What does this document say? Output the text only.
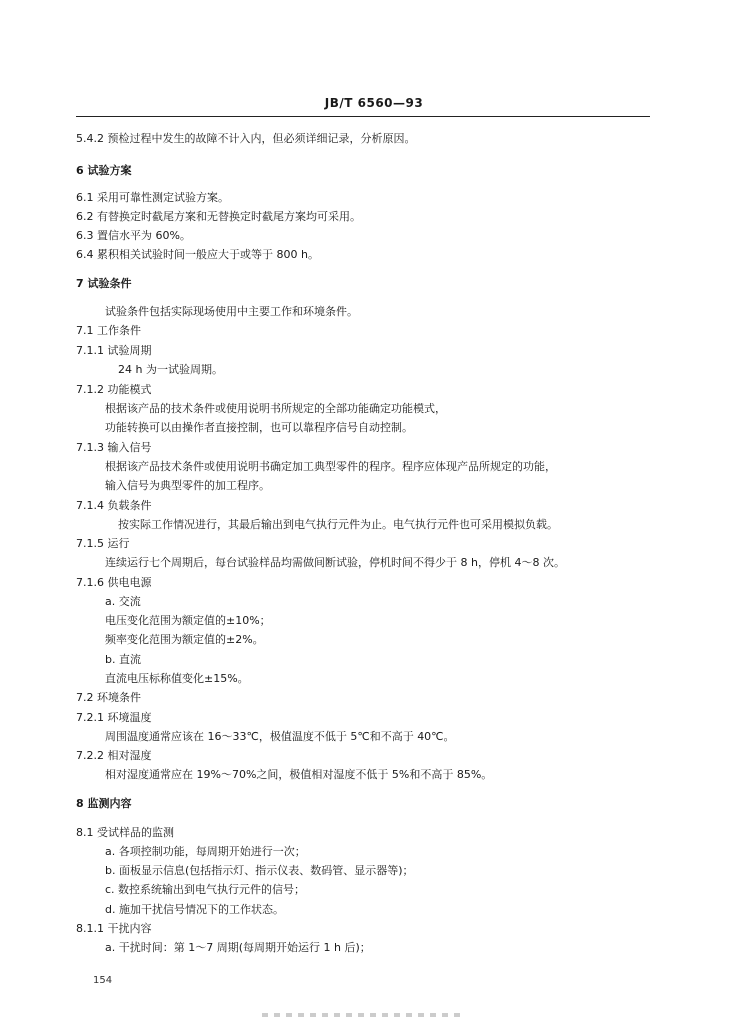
JB/T 6560—93
5.4.2 预检过程中发生的故障不计入内，但必须详细记录，分析原因。
6 试验方案
6.1 采用可靠性测定试验方案。
6.2 有替换定时截尾方案和无替换定时截尾方案均可采用。
6.3 置信水平为 60%。
6.4 累积相关试验时间一般应大于或等于 800 h。
7 试验条件
试验条件包括实际现场使用中主要工作和环境条件。
7.1 工作条件
7.1.1 试验周期
24 h 为一试验周期。
7.1.2 功能模式
根据该产品的技术条件或使用说明书所规定的全部功能确定功能模式，
功能转换可以由操作者直接控制，也可以靠程序信号自动控制。
7.1.3 输入信号
根据该产品技术条件或使用说明书确定加工典型零件的程序。程序应体现产品所规定的功能，
输入信号为典型零件的加工程序。
7.1.4 负载条件
按实际工作情况进行，其最后输出到电气执行元件为止。电气执行元件也可采用模拟负载。
7.1.5 运行
连续运行七个周期后，每台试验样品均需做间断试验，停机时间不得少于 8 h，停机 4～8 次。
7.1.6 供电电源
a. 交流
电压变化范围为额定值的±10%；
频率变化范围为额定值的±2%。
b. 直流
直流电压标称值变化±15%。
7.2 环境条件
7.2.1 环境温度
周围温度通常应该在 16～33℃，极值温度不低于 5℃和不高于 40℃。
7.2.2 相对湿度
相对湿度通常应在 19%～70%之间，极值相对湿度不低于 5%和不高于 85%。
8 监测内容
8.1 受试样品的监测
a. 各项控制功能，每周期开始进行一次；
b. 面板显示信息(包括指示灯、指示仪表、数码管、显示器等)；
c. 数控系统输出到电气执行元件的信号；
d. 施加干扰信号情况下的工作状态。
8.1.1 干扰内容
a. 干扰时间：第 1～7 周期(每周期开始运行 1 h 后)；
154
